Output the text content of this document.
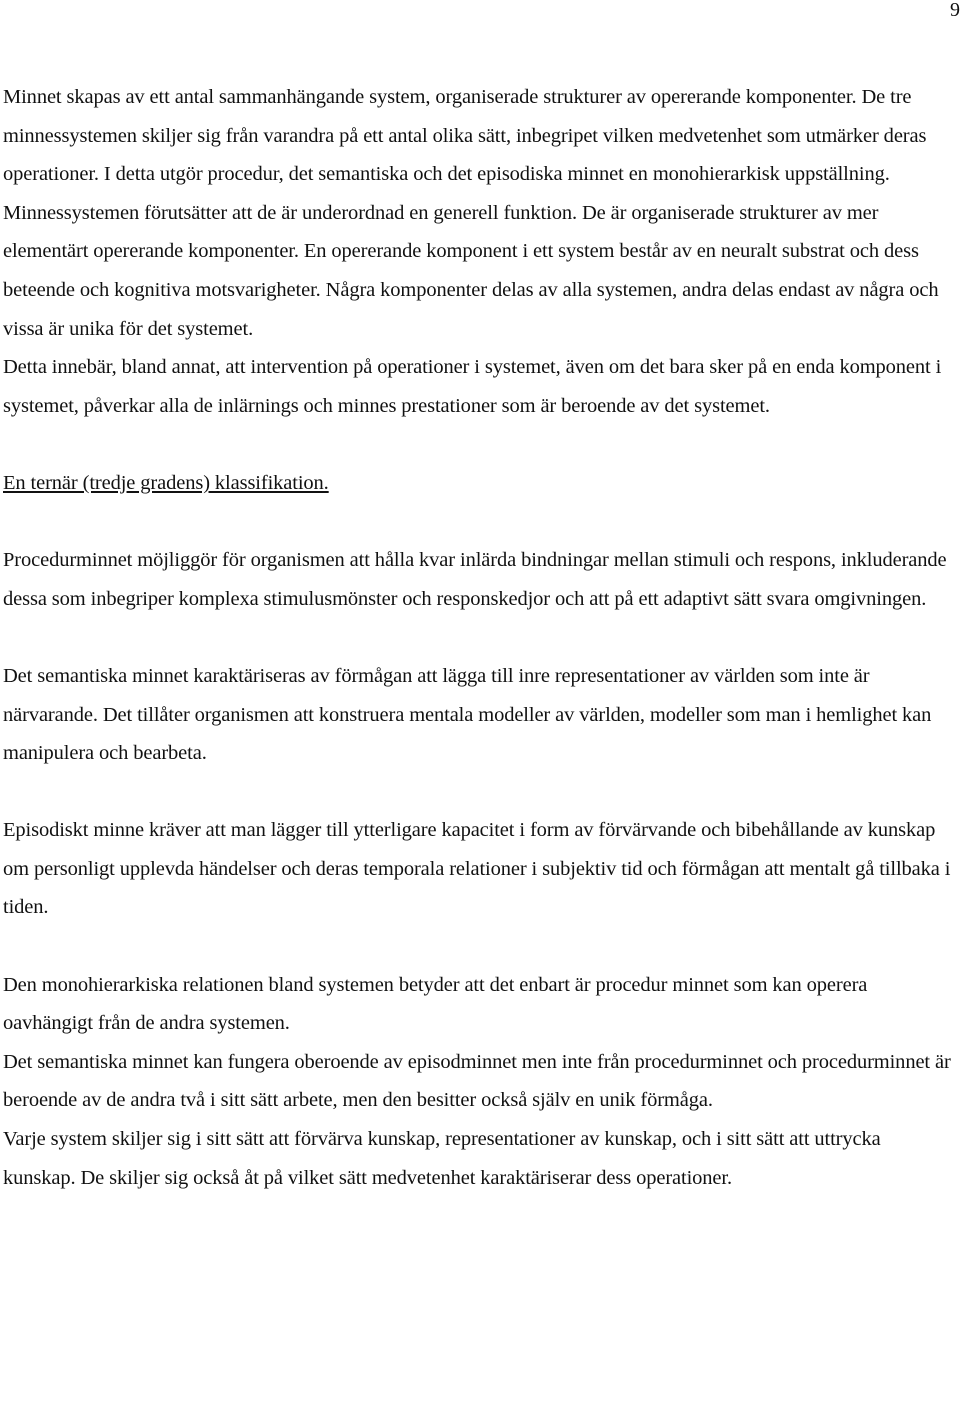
9

Minnet skapas av ett antal sammanhängande system, organiserade strukturer av opererande komponenter. De tre minnessystemen skiljer sig från varandra på ett antal olika sätt, inbegripet vilken medvetenhet som utmärker deras operationer. I detta utgör procedur, det semantiska och det episodiska minnet en monohierarkisk uppställning.

Minnessystemen förutsätter att de är underordnad en generell funktion. De är organiserade strukturer av mer elementärt opererande komponenter. En opererande komponent i ett system består av en neuralt substrat och dess beteende och kognitiva motsvarigheter. Några komponenter delas av alla systemen, andra delas endast av några och vissa är unika för det systemet.

Detta innebär, bland annat, att intervention på operationer i systemet, även om det bara sker på en enda komponent i systemet, påverkar alla de inlärnings och minnes prestationer som är beroende av det systemet.

En ternär (tredje gradens) klassifikation.

Procedurminnet möjliggör för organismen att hålla kvar inlärda bindningar mellan stimuli och respons, inkluderande dessa som inbegriper komplexa stimulusmönster och responskedjor och att på ett adaptivt sätt svara omgivningen.

Det semantiska minnet karaktäriseras av förmågan att lägga till inre representationer av världen som inte är närvarande. Det tillåter organismen att konstruera mentala modeller av världen, modeller som man i hemlighet kan manipulera och bearbeta.

Episodiskt minne kräver att man lägger till ytterligare kapacitet i form av förvärvande och bibehållande av kunskap om personligt upplevda händelser och deras temporala relationer i subjektiv tid och förmågan att mentalt gå tillbaka i tiden.

Den monohierarkiska relationen bland systemen betyder att det enbart är procedur minnet som kan operera oavhängigt från de andra systemen.

Det semantiska minnet kan fungera oberoende av episodminnet men inte från procedurminnet och procedurminnet är beroende av de andra två i sitt sätt arbete, men den besitter också själv en unik förmåga.

Varje system skiljer sig i sitt sätt att förvärva kunskap, representationer av kunskap, och i sitt sätt att uttrycka kunskap. De skiljer sig också åt på vilket sätt medvetenhet karaktäriserar dess operationer.
